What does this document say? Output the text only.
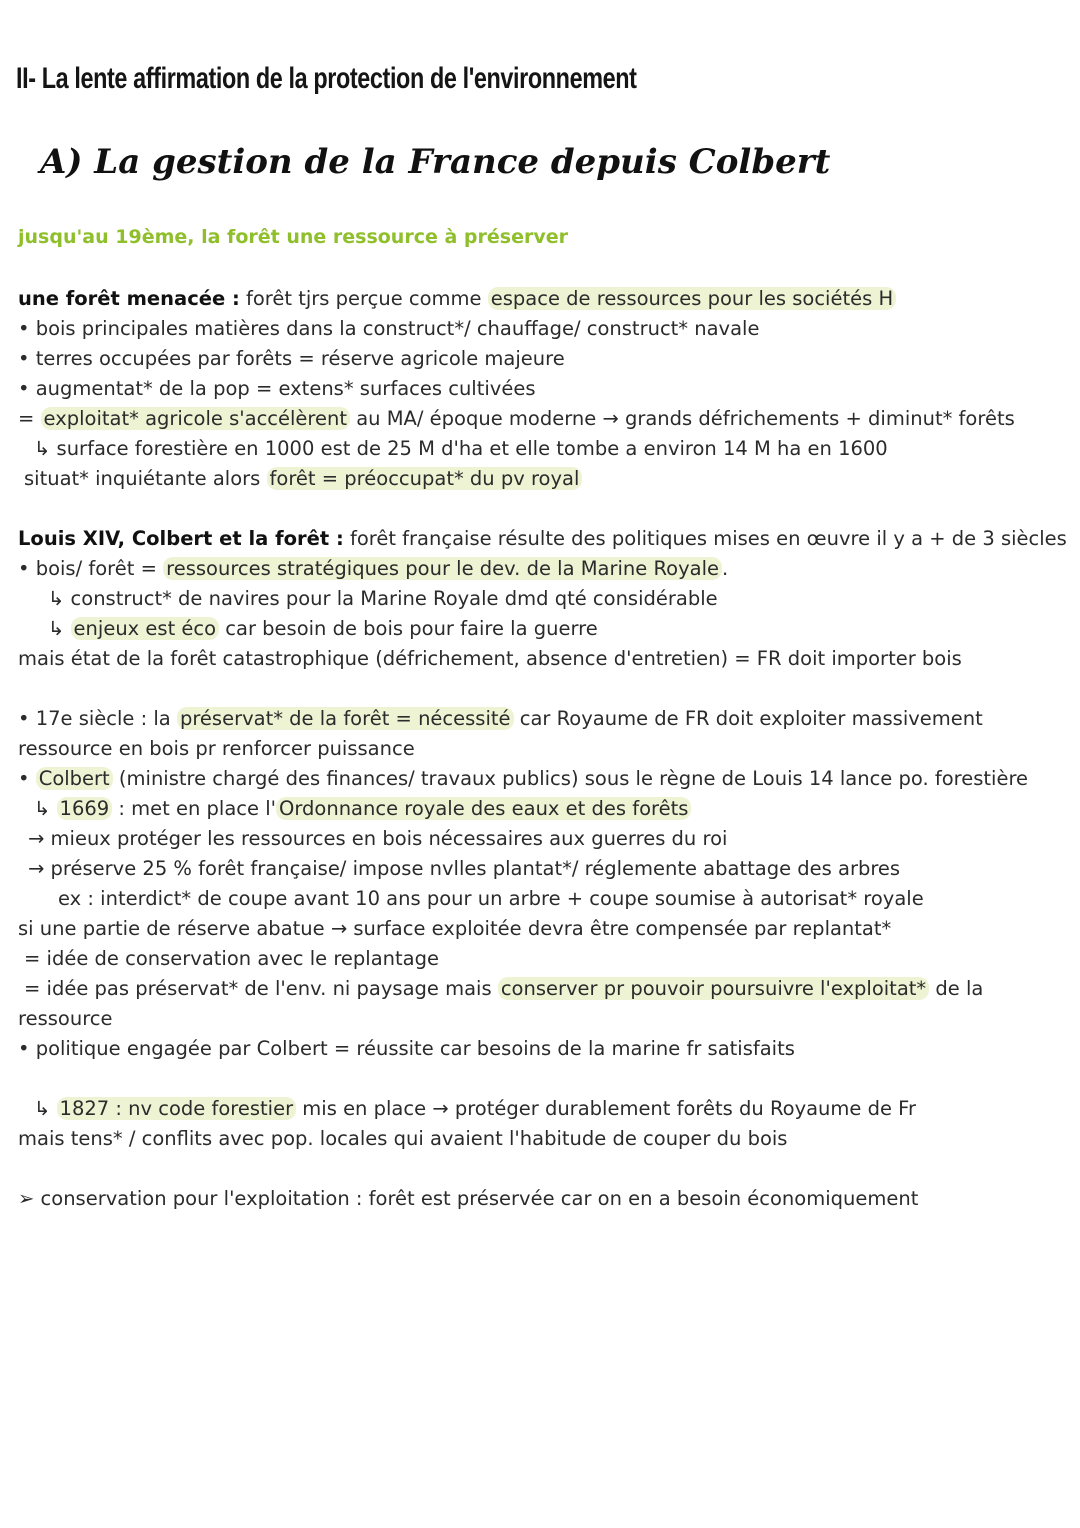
II- La lente affirmation de la protection de l'environnement
A) La gestion de la France depuis Colbert
jusqu'au 19ème, la forêt une ressource à préserver
une forêt menacée : forêt tjrs perçue comme espace de ressources pour les sociétés H
• bois principales matières dans la construct*/ chauffage/ construct* navale
• terres occupées par forêts = réserve agricole majeure
• augmentat* de la pop = extens* surfaces cultivées
= exploitat* agricole s'accélèrent au MA/ époque moderne → grands défrichements + diminut* forêts
↳ surface forestière en 1000 est de 25 M d'ha et elle tombe a environ 14 M ha en 1600
situat* inquiétante alors forêt = préoccupat* du pv royal
Louis XIV, Colbert et la forêt : forêt française résulte des politiques mises en œuvre il y a + de 3 siècles
• bois/ forêt = ressources stratégiques pour le dev. de la Marine Royale .
↳ construct* de navires pour la Marine Royale dmd qté considérable
↳ enjeux est éco car besoin de bois pour faire la guerre
mais état de la forêt catastrophique (défrichement, absence d'entretien) = FR doit importer bois
• 17e siècle : la préservat* de la forêt = nécessité car Royaume de FR doit exploiter massivement
ressource en bois pr renforcer puissance
• Colbert (ministre chargé des finances/ travaux publics) sous le règne de Louis 14 lance po. forestière
↳ 1669 : met en place l' Ordonnance royale des eaux et des forêts
→ mieux protéger les ressources en bois nécessaires aux guerres du roi
→ préserve 25 % forêt française/ impose nvlles plantat*/ réglemente abattage des arbres
ex : interdict* de coupe avant 10 ans pour un arbre + coupe soumise à autorisat* royale
si une partie de réserve abatue → surface exploitée devra être compensée par replantat*
= idée de conservation avec le replantage
= idée pas préservat* de l'env. ni paysage mais conserver pr pouvoir poursuivre l'exploitat* de la
ressource
• politique engagée par Colbert = réussite car besoins de la marine fr satisfaits
↳ 1827 : nv code forestier mis en place → protéger durablement forêts du Royaume de Fr
mais tens* / conflits avec pop. locales qui avaient l'habitude de couper du bois
➢ conservation pour l'exploitation : forêt est préservée car on en a besoin économiquement
